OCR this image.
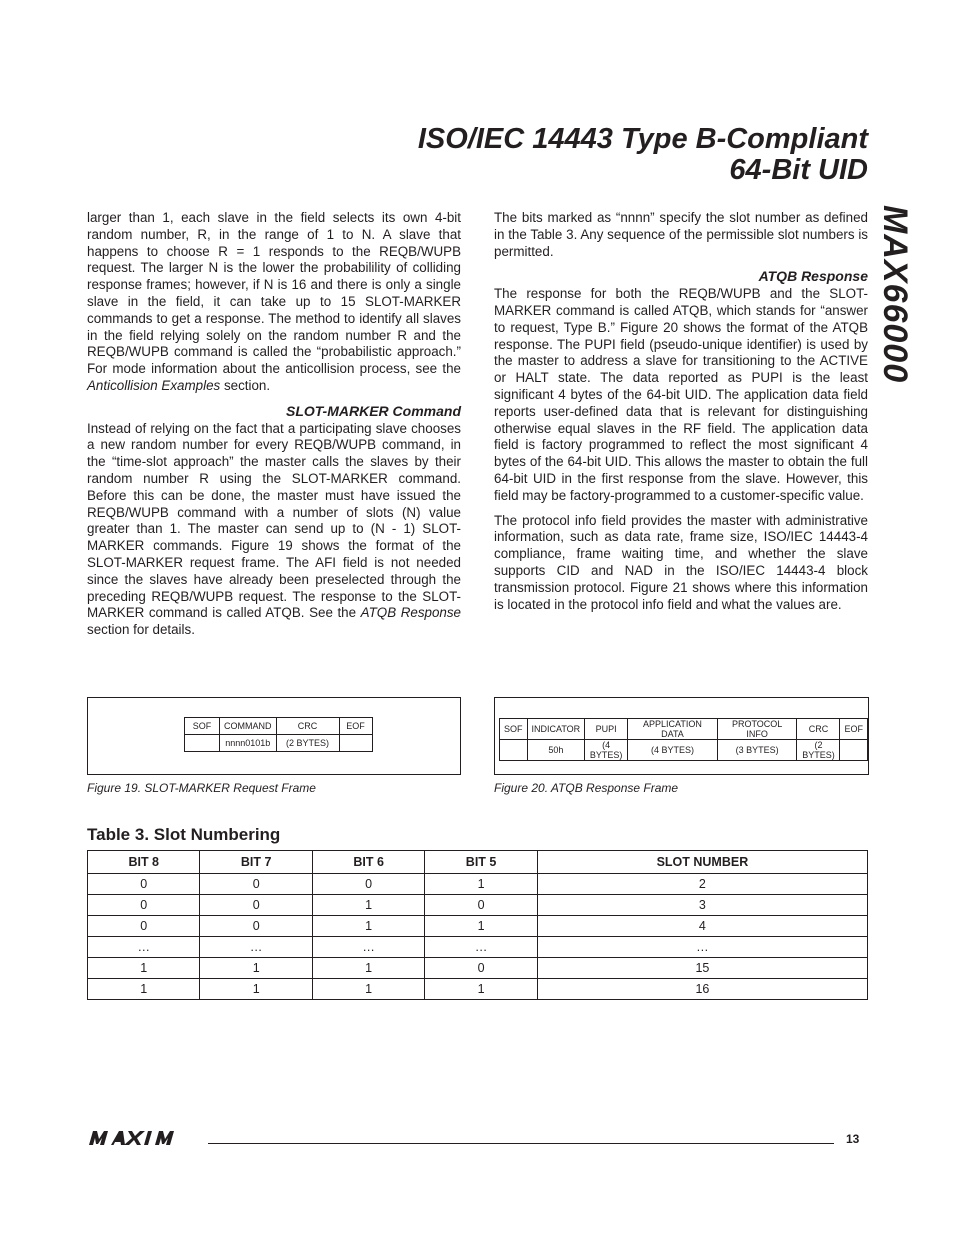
ISO/IEC 14443 Type B-Compliant
64-Bit UID
MAX66000

larger than 1, each slave in the field selects its own 4-bit random number, R, in the range of 1 to N. A slave that happens to choose R = 1 responds to the REQB/WUPB request. The larger N is the lower the probabilility of colliding response frames; however, if N is 16 and there is only a single slave in the field, it can take up to 15 SLOT-MARKER commands to get a response. The method to identify all slaves in the field relying solely on the random number R and the REQB/WUPB command is called the “probabilistic approach.” For mode information about the anticollision process, see the Anticollision Examples section.

SLOT-MARKER Command

Instead of relying on the fact that a participating slave chooses a new random number for every REQB/WUPB command, in the “time-slot approach” the master calls the slaves by their random number R using the SLOT-MARKER command. Before this can be done, the master must have issued the REQB/WUPB command with a number of slots (N) value greater than 1. The master can send up to (N - 1) SLOT-MARKER commands. Figure 19 shows the format of the SLOT-MARKER request frame. The AFI field is not needed since the slaves have already been preselected through the preceding REQB/WUPB request. The response to the SLOT-MARKER command is called ATQB. See the ATQB Response section for details.

The bits marked as “nnnn” specify the slot number as defined in the Table 3. Any sequence of the permissible slot numbers is permitted.

ATQB Response

The response for both the REQB/WUPB and the SLOT-MARKER command is called ATQB, which stands for “answer to request, Type B.” Figure 20 shows the format of the ATQB response. The PUPI field (pseudo-unique identifier) is used by the master to address a slave for transitioning to the ACTIVE or HALT state. The data reported as PUPI is the least significant 4 bytes of the 64-bit UID. The application data field reports user-defined data that is relevant for distinguishing otherwise equal slaves in the RF field. The application data field is factory programmed to reflect the most significant 4 bytes of the 64-bit UID. This allows the master to obtain the full 64-bit UID in the first response from the slave. However, this field may be factory-programmed to a customer-specific value.

The protocol info field provides the master with administrative information, such as data rate, frame size, ISO/IEC 14443-4 compliance, frame waiting time, and whether the slave supports CID and NAD in the ISO/IEC 14443-4 block transmission protocol. Figure 21 shows where this information is located in the protocol info field and what the values are.

SOF	COMMAND	CRC	EOF
	nnnn0101b	(2 BYTES)	
Figure 19. SLOT-MARKER Request Frame
SOF	INDICATOR	PUPI	APPLICATION DATA	PROTOCOL INFO	CRC	EOF
	50h	(4 BYTES)	(4 BYTES)	(3 BYTES)	(2 BYTES)	
Figure 20. ATQB Response Frame
Table 3. Slot Numbering
BIT 8	BIT 7	BIT 6	BIT 5	SLOT NUMBER
0	0	0	1	2
0	0	1	0	3
0	0	1	1	4
…	…	…	…	…
1	1	1	0	15
1	1	1	1	16
13
